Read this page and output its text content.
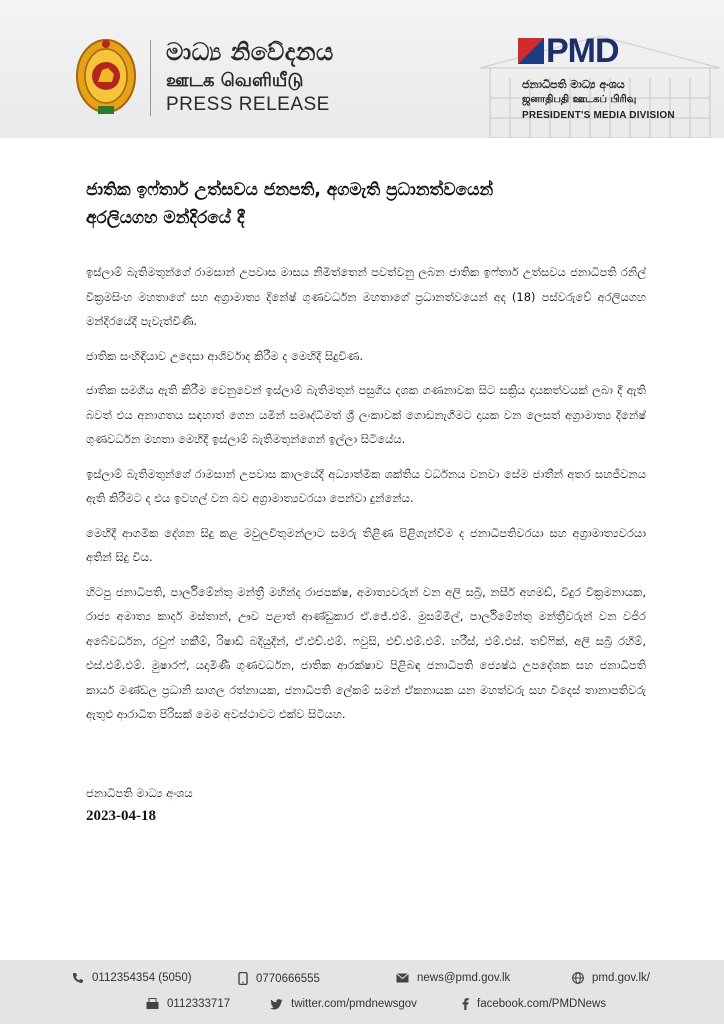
මාධ්‍ය නිවේදනය
ஊடக வெளியீடு
PRESS RELEASE
PMD
ජනාධිපති මාධ්‍ය අංශය
ஜனாதிபதி ஊடகப் பிரிவு
PRESIDENT'S MEDIA DIVISION
ජාතික ඉෆ්තාර් උත්සවය ජනපති, අගමැති ප්‍රධානත්වයෙන්
අරලියගහ මන්දිරයේ දී

ඉස්ලාම් බැතිමතුන්ගේ රාමසාන් උපවාස මාසය නිමිත්තෙන් පවත්වනු ලබන ජාතික ඉෆ්තාර් උත්සවය ජනාධිපති රනිල් වික්‍රමසිංහ මහතාගේ සහ අග්‍රාමාත්‍ය දිනේෂ් ගුණවර්ධන මහතාගේ ප්‍රධානත්වයෙන් අද (18) පස්වරුවේ අරලියගහ මන්දිරයේදී පැවැත්විණි.

ජාතික සංහිඳියාව උදෙසා ආශිර්වාද කිරීම ද මෙහිදී සිදුවිණ.

ජාතික සමගිය ඇති කිරීම වෙනුවෙන් ඉස්ලාම් බැතිමතුන් පසුගිය දශක ගණනාවක සිට සක්‍රිය දායකත්වයක් ලබා දී ඇති බවත් එය අනාගතය සඳහාත් ගෙන යමින් සමෘද්ධිමත් ශ්‍රී ලංකාවක් ගොඩනැගීමට දායක වන ලෙසත් අග්‍රාමාත්‍ය දිනේෂ් ගුණවර්ධන මහතා මෙහිදී ඉස්ලාම් බැතිමතුන්ගෙන් ඉල්ලා සිටියේය.

ඉස්ලාම් බැතිමතුන්ගේ රාමසාන් උපවාස කාලයේදී අධ්‍යාත්මික ශක්තිය වර්ධනය වනවා සේම ජාතීන් අතර සහජීවනය ඇති කිරීමට ද එය ඉවහල් වන බව අග්‍රාමාත්‍යවරයා පෙන්වා දුන්නේය.

මෙහිදී ආගමික දේශන සිදු කළ මවුලවිතුමන්ලාට සමරු තිළිණ පිළිගැන්වීම ද ජනාධිපතිවරයා සහ අග්‍රාමාත්‍යවරයා අතින් සිදු විය.

හිටපු ජනාධිපති, පාර්ලිමේන්තු මන්ත්‍රී මහින්ද රාජපක්ෂ, අමාත්‍යවරුන් වන අලි සබ්‍රි, නසීර් අහමඩ්, විදුර වික්‍රමනායක, රාජ්‍ය අමාත්‍ය කාදර් මස්තාන්, ඌව පළාත් ආණ්ඩුකාර ඒ.ජේ.එම්. මුසම්මිල්, පාර්ලිමේන්තු මන්ත්‍රීවරුන් වන වජිර අබේවර්ධන, රවුෆ් හකීම්, රිෂාඩ් බදියුදීන්, ඒ.එච්.එම්. ෆවුසි, එච්.එම්.එම්. හරීස්, එම්.එස්. තව්ෆික්, අලි සබ්‍රි රහීම්, එස්.එම්.එම්. මුෂාරෆ්, යදාමිණී ගුණවර්ධන, ජාතික ආරක්ෂාව පිළිබඳ ජනාධිපති ජ්‍යෙෂ්ඨ උපදේශක සහ ජනාධිපති කාර්ය මණ්ඩල ප්‍රධානි සාගල රත්නායක, ජනාධිපති ලේකම් සමන් ඒකනායක යන මහත්වරු සහ විදෙස් තානාපතිවරු ඇතුළු ආරාධිත පිරිසක් මෙම අවස්ථාවට එක්ව සිටියහ.

ජනාධිපති මාධ්‍ය අංශය
2023-04-18
0112354354 (5050)	0770666555	news@pmd.gov.lk	pmd.gov.lk/
0112333717	twitter.com/pmdnewsgov	facebook.com/PMDNews
